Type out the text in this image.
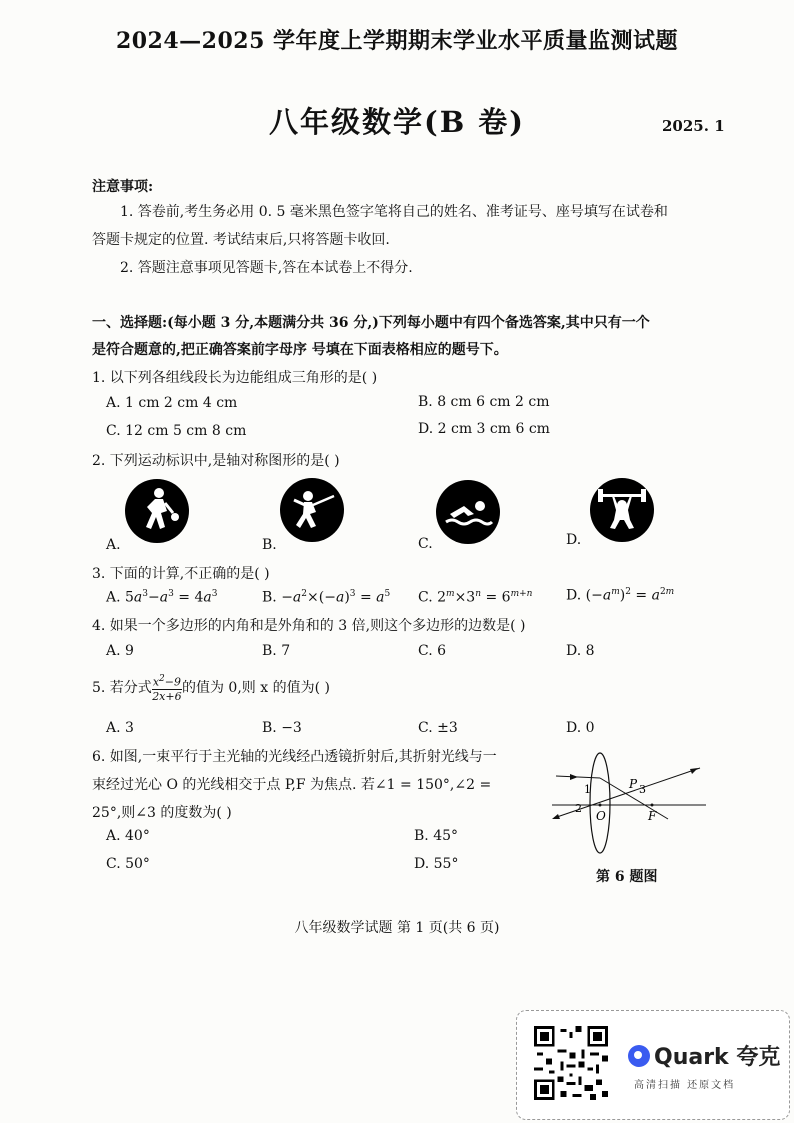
2024—2025 学年度上学期期末学业水平质量监测试题
八年级数学(B 卷)	2025. 1
注意事项:
1. 答卷前,考生务必用 0. 5 毫米黑色签字笔将自己的姓名、准考证号、座号填写在试卷和
答题卡规定的位置. 考试结束后,只将答题卡收回.
2. 答题注意事项见答题卡,答在本试卷上不得分.
一、选择题:(每小题 3 分,本题满分共 36 分,)下列每小题中有四个备选答案,其中只有一个
是符合题意的,把正确答案前字母序 号填在下面表格相应的题号下。
1. 以下列各组线段长为边能组成三角形的是( )
A. 1 cm 2 cm 4 cm	B. 8 cm 6 cm 2 cm
C. 12 cm 5 cm 8 cm	D. 2 cm 3 cm 6 cm
2. 下列运动标识中,是轴对称图形的是( )
A.	B.	C.	D.
3. 下面的计算,不正确的是( )
A. $5a^3-a^3 = 4a^3$	B. $-a^2\times(-a)^3 = a^5$ C. $2^m\times 3^n = 6^{m+n}$ D. $(-a^m)^2 = a^{2m}$
4. 如果一个多边形的内角和是外角和的 3 倍,则这个多边形的边数是( )
A. 9	B. 7	C. 6	D. 8
5. 若分式 $\frac{x^2-9}{2x+6}$ 的值为 0,则 x 的值为( )
A. 3	B. −3	C. ±3	D. 0
6. 如图,一束平行于主光轴的光线经凸透镜折射后,其折射光线与一
束经过光心 O 的光线相交于点 P,F 为焦点. 若∠1 = 150°,∠2 =
25°,则∠3 的度数为( )
A. 40°	B. 45°
C. 50°	D. 55°
P
O	F
1
2
3
第 6 题图
八年级数学试题 第 1 页(共 6 页)
Quark 夸克
高清扫描 还原文档
